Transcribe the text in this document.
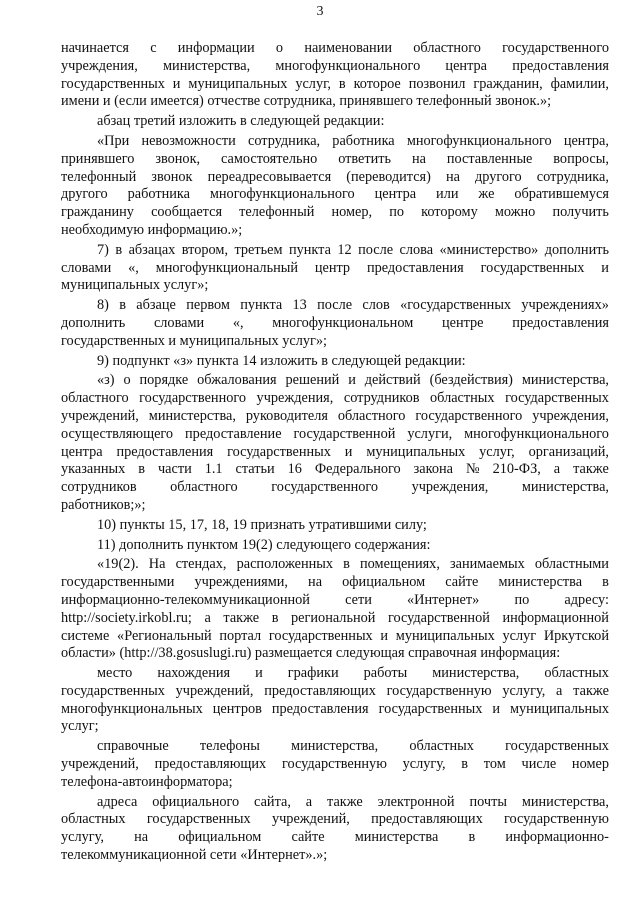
3
начинается с информации о наименовании областного государственного
учреждения, министерства, многофункционального центра предоставления
государственных и муниципальных услуг, в которое позвонил гражданин, фамилии,
имени и (если имеется) отчестве сотрудника, принявшего телефонный звонок.»;
абзац третий изложить в следующей редакции:
«При невозможности сотрудника, работника многофункционального центра,
принявшего звонок, самостоятельно ответить на поставленные вопросы,
телефонный звонок переадресовывается (переводится) на другого сотрудника,
другого работника многофункционального центра или же обратившемуся
гражданину сообщается телефонный номер, по которому можно получить
необходимую информацию.»;
7) в абзацах втором, третьем пункта 12 после слова «министерство» дополнить
словами «, многофункциональный центр предоставления государственных и
муниципальных услуг»;
8) в абзаце первом пункта 13 после слов «государственных учреждениях»
дополнить словами «, многофункциональном центре предоставления
государственных и муниципальных услуг»;
9) подпункт «з» пункта 14 изложить в следующей редакции:
«з) о порядке обжалования решений и действий (бездействия) министерства,
областного государственного учреждения, сотрудников областных государственных
учреждений, министерства, руководителя областного государственного учреждения,
осуществляющего предоставление государственной услуги, многофункционального
центра предоставления государственных и муниципальных услуг, организаций,
указанных в части 1.1 статьи 16 Федерального закона № 210-ФЗ, а также
сотрудников областного государственного учреждения, министерства,
работников;»;
10) пункты 15, 17, 18, 19 признать утратившими силу;
11) дополнить пунктом 19(2) следующего содержания:
«19(2). На стендах, расположенных в помещениях, занимаемых областными
государственными учреждениями, на официальном сайте министерства в
информационно-телекоммуникационной сети «Интернет» по адресу:
http://society.irkobl.ru; а также в региональной государственной информационной
системе «Региональный портал государственных и муниципальных услуг Иркутской
области» (http://38.gosuslugi.ru) размещается следующая справочная информация:
место нахождения и графики работы министерства, областных
государственных учреждений, предоставляющих государственную услугу, а также
многофункциональных центров предоставления государственных и муниципальных
услуг;
справочные телефоны министерства, областных государственных
учреждений, предоставляющих государственную услугу, в том числе номер
телефона-автоинформатора;
адреса официального сайта, а также электронной почты министерства,
областных государственных учреждений, предоставляющих государственную
услугу, на официальном сайте министерства в информационно-
телекоммуникационной сети «Интернет».»;
